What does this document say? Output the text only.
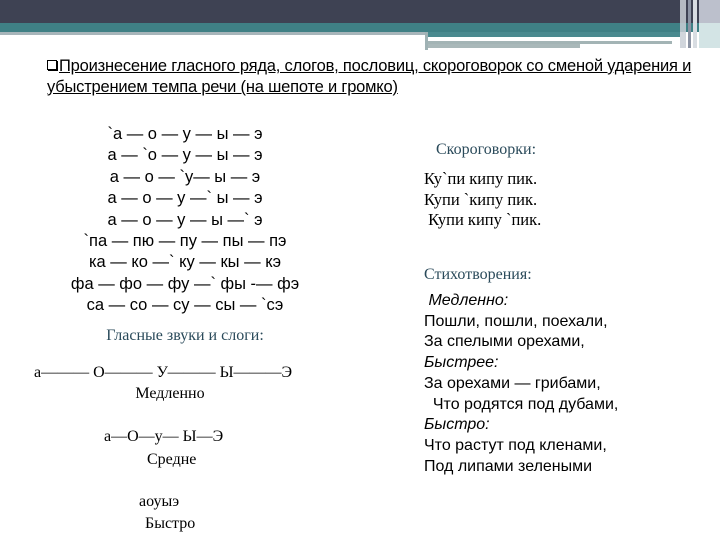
Произнесение гласного ряда, слогов, пословиц, скороговорок со сменой ударения и убыстрением темпа речи (на шепоте и громко)
`а — о — у — ы — э
а — `о — у — ы — э
а — о — `у— ы — э
а — о — у —` ы — э
а — о — у — ы —` э
`па — пю — пу — пы — пэ
ка — ко —` ку — кы — кэ
фа — фо — фу —` фы -— фэ
са — со — су — сы — `сэ
Гласные звуки и слоги:
а——— О——— У——— Ы———Э
Медленно
а—О—у— Ы—Э
Средне
аоуыэ
Быстро
Скороговорки:
Ку`пи кипу пик.
Купи `кипу пик.
Купи кипу `пик.
Стихотворения:
Медленно:
Пошли, пошли, поехали,
За спелыми орехами,
Быстрее:
За орехами — грибами,
Что родятся под дубами,
Быстро:
Что растут под кленами,
Под липами зелеными
